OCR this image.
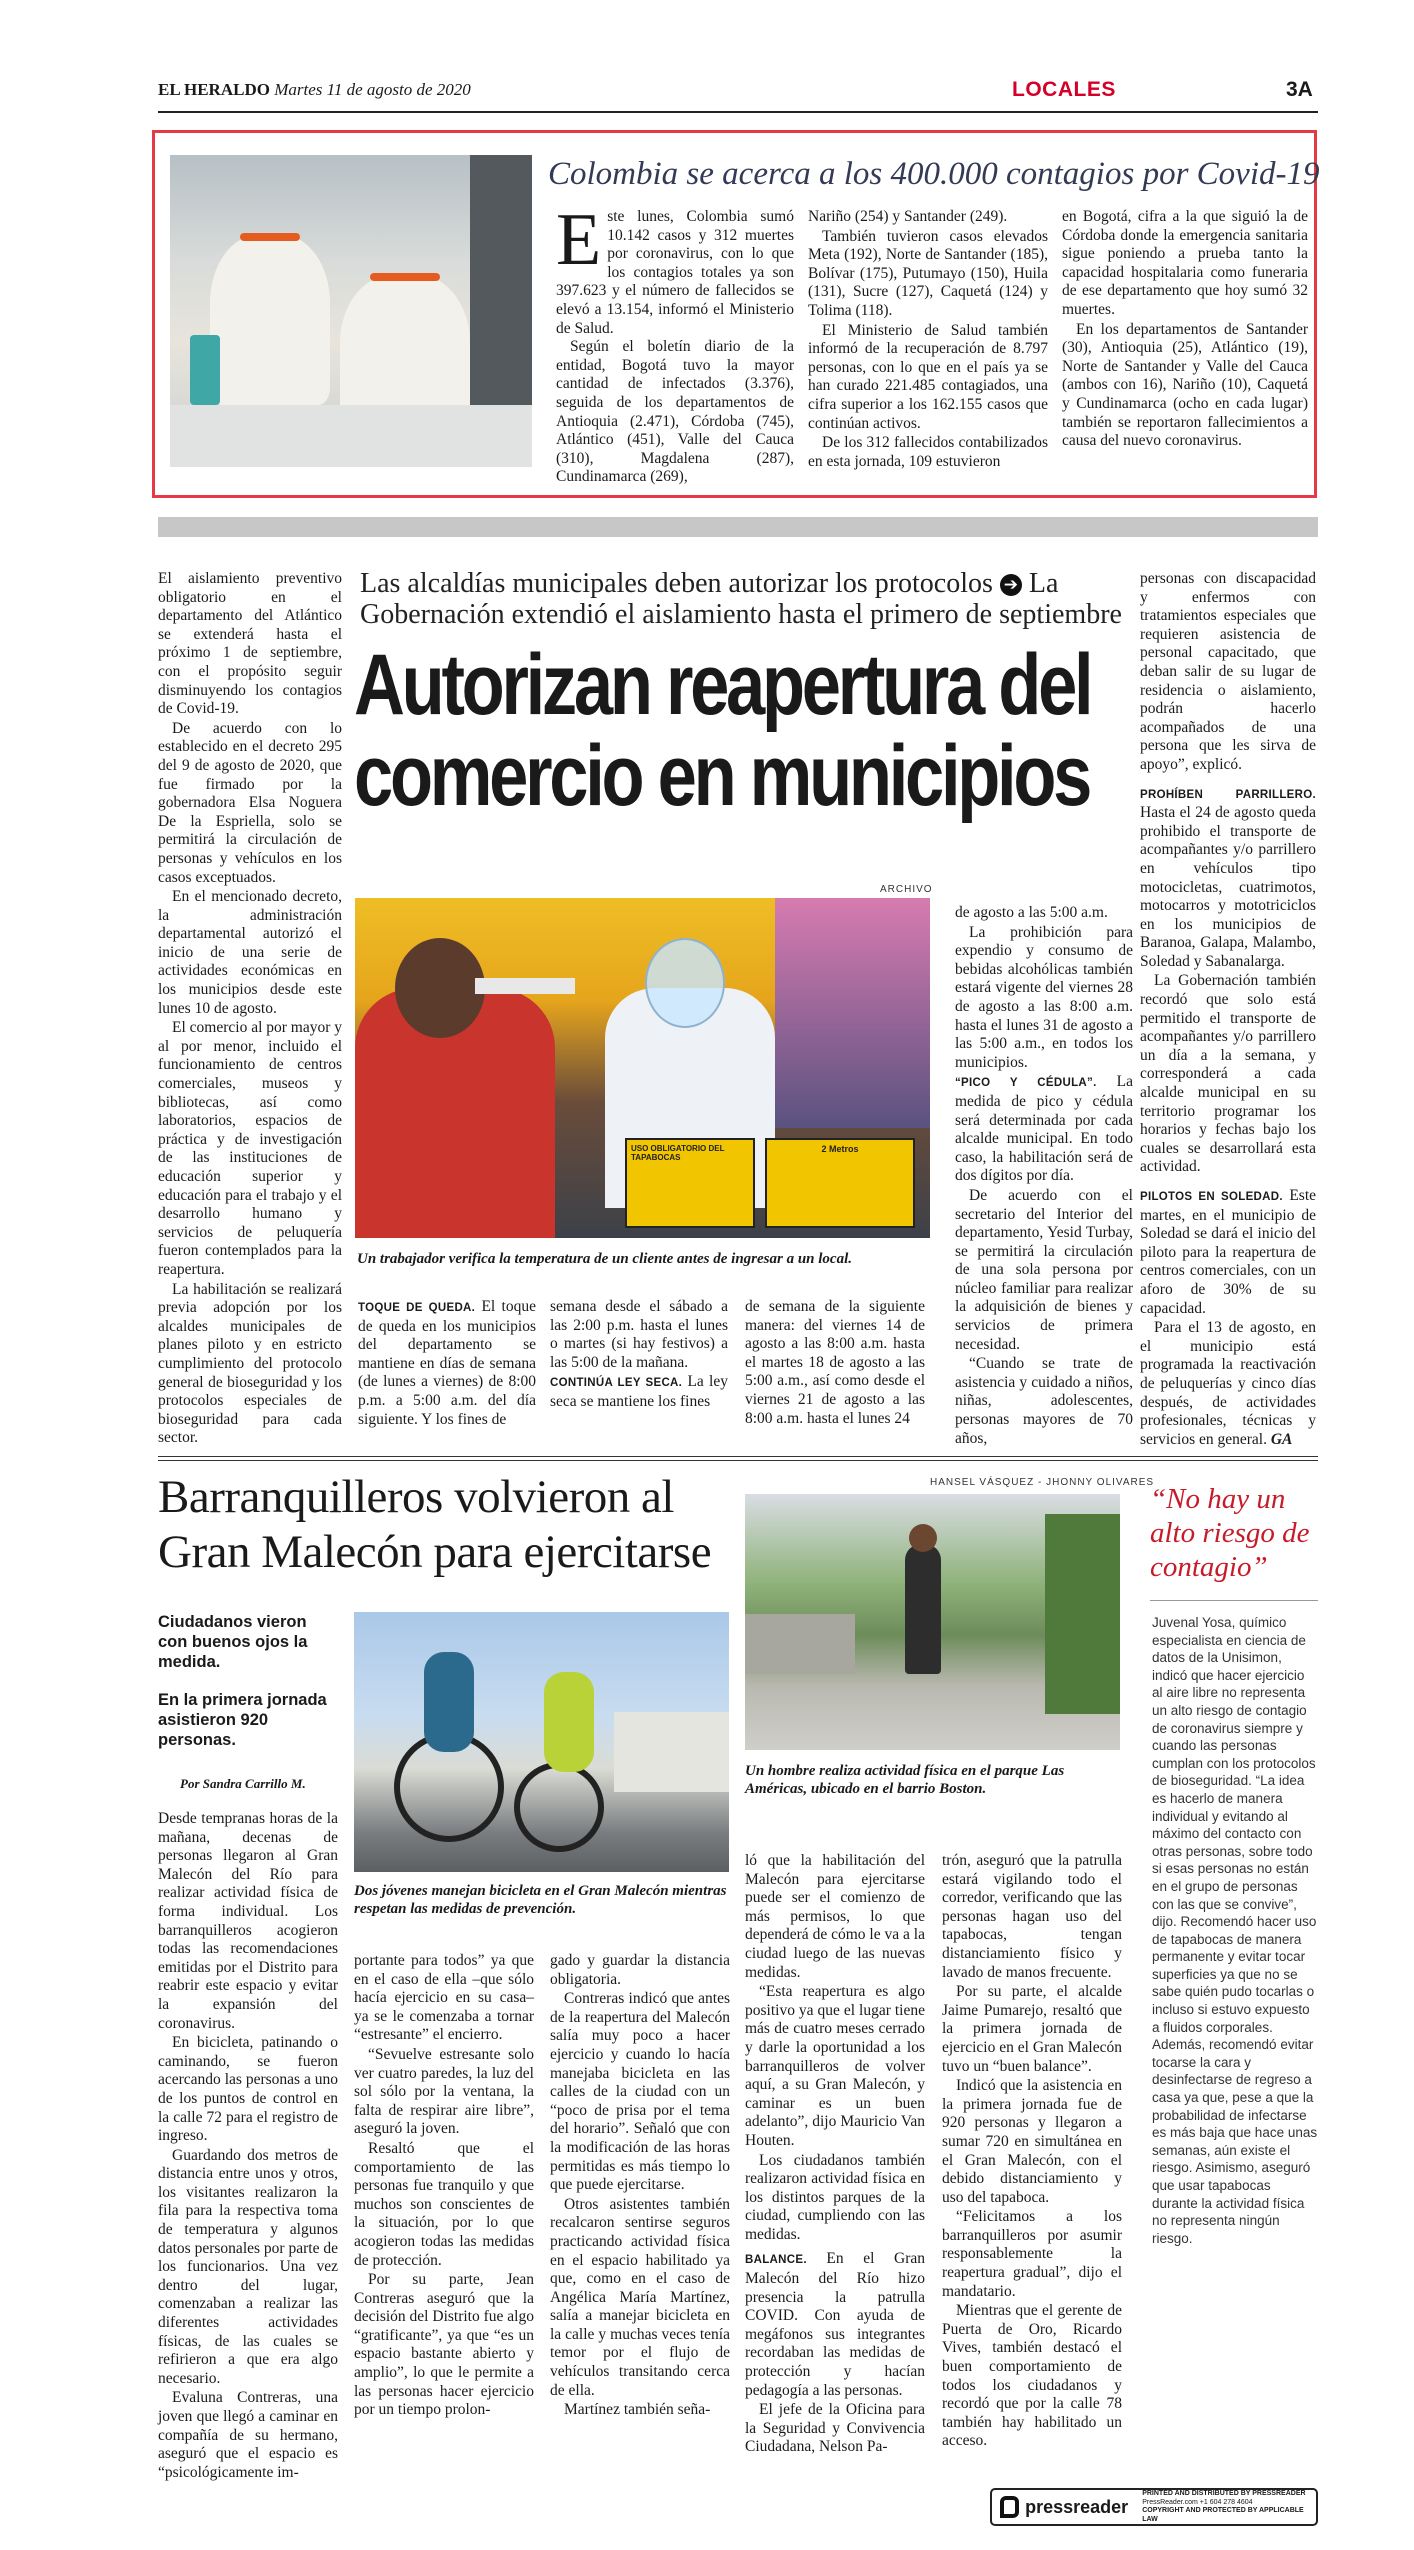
EL HERALDO Martes 11 de agosto de 2020	LOCALES	3A
Colombia se acerca a los 400.000 contagios por Covid-19
E ste lunes, Colombia sumó 10.142 casos y 312 muertes por coronavirus, con lo que los contagios totales ya son 397.623 y el número de fallecidos se elevó a 13.154, informó el Ministerio de Salud.

Según el boletín diario de la entidad, Bogotá tuvo la mayor cantidad de infectados (3.376), seguida de los departamentos de Antioquia (2.471), Córdoba (745), Atlántico (451), Valle del Cauca (310), Magdalena (287), Cundinamarca (269),

Nariño (254) y Santander (249).

También tuvieron casos elevados Meta (192), Norte de Santander (185), Bolívar (175), Putumayo (150), Huila (131), Sucre (127), Caquetá (124) y Tolima (118).

El Ministerio de Salud también informó de la recuperación de 8.797 personas, con lo que en el país ya se han curado 221.485 contagiados, una cifra superior a los 162.155 casos que continúan activos.

De los 312 fallecidos contabilizados en esta jornada, 109 estuvieron

en Bogotá, cifra a la que siguió la de Córdoba donde la emergencia sanitaria sigue poniendo a prueba tanto la capacidad hospitalaria como funeraria de ese departamento que hoy sumó 32 muertes.

En los departamentos de Santander (30), Antioquia (25), Atlántico (19), Norte de Santander y Valle del Cauca (ambos con 16), Nariño (10), Caquetá y Cundinamarca (ocho en cada lugar) también se reportaron fallecimientos a causa del nuevo coronavirus.

El aislamiento preventivo obligatorio en el departamento del Atlántico se extenderá hasta el próximo 1 de septiembre, con el propósito seguir disminuyendo los contagios de Covid-19.

De acuerdo con lo establecido en el decreto 295 del 9 de agosto de 2020, que fue firmado por la gobernadora Elsa Noguera De la Espriella, solo se permitirá la circulación de personas y vehículos en los casos exceptuados.

En el mencionado decreto, la administración departamental autorizó el inicio de una serie de actividades económicas en los municipios desde este lunes 10 de agosto.

El comercio al por mayor y al por menor, incluido el funcionamiento de centros comerciales, museos y bibliotecas, así como laboratorios, espacios de práctica y de investigación de las instituciones de educación superior y educación para el trabajo y el desarrollo humano y servicios de peluquería fueron contemplados para la reapertura.

La habilitación se realizará previa adopción por los alcaldes municipales de planes piloto y en estricto cumplimiento del protocolo general de bioseguridad y los protocolos especiales de bioseguridad para cada sector.

Las alcaldías municipales deben autorizar los protocolos ➔ La Gobernación extendió el aislamiento hasta el primero de septiembre
Autorizan reapertura del
comercio en municipios
ARCHIVO
USO OBLIGATORIO DEL TAPABOCAS
2 Metros
Un trabajador verifica la temperatura de un cliente antes de ingresar a un local.

TOQUE DE QUEDA. El toque de queda en los municipios del departamento se mantiene en días de semana (de lunes a viernes) de 8:00 p.m. a 5:00 a.m. del día siguiente. Y los fines de

semana desde el sábado a las 2:00 p.m. hasta el lunes o martes (si hay festivos) a las 5:00 de la mañana.

CONTINÚA LEY SECA. La ley seca se mantiene los fines

de semana de la siguiente manera: del viernes 14 de agosto a las 8:00 a.m. hasta el martes 18 de agosto a las 5:00 a.m., así como desde el viernes 21 de agosto a las 8:00 a.m. hasta el lunes 24

de agosto a las 5:00 a.m.

La prohibición para expendio y consumo de bebidas alcohólicas también estará vigente del viernes 28 de agosto a las 8:00 a.m. hasta el lunes 31 de agosto a las 5:00 a.m., en todos los municipios.

“PICO Y CÉDULA”. La medida de pico y cédula será determinada por cada alcalde municipal. En todo caso, la habilitación será de dos dígitos por día.

De acuerdo con el secretario del Interior del departamento, Yesid Turbay, se permitirá la circulación de una sola persona por núcleo familiar para realizar la adquisición de bienes y servicios de primera necesidad.

“Cuando se trate de asistencia y cuidado a niños, niñas, adolescentes, personas mayores de 70 años,

personas con discapacidad y enfermos con tratamientos especiales que requieren asistencia de personal capacitado, que deban salir de su lugar de residencia o aislamiento, podrán hacerlo acompañados de una persona que les sirva de apoyo”, explicó.

PROHÍBEN PARRILLERO. Hasta el 24 de agosto queda prohibido el transporte de acompañantes y/o parrillero en vehículos tipo motocicletas, cuatrimotos, motocarros y mototriciclos en los municipios de Baranoa, Galapa, Malambo, Soledad y Sabanalarga.

La Gobernación también recordó que solo está permitido el transporte de acompañantes y/o parrillero un día a la semana, y corresponderá a cada alcalde municipal en su territorio programar los horarios y fechas bajo los cuales se desarrollará esta actividad.

PILOTOS EN SOLEDAD. Este martes, en el municipio de Soledad se dará el inicio del piloto para la reapertura de centros comerciales, con un aforo de 30% de su capacidad.

Para el 13 de agosto, en el municipio está programada la reactivación de peluquerías y cinco días después, de actividades profesionales, técnicas y servicios en general. GA

Barranquilleros volvieron al Gran Malecón para ejercitarse
HANSEL VÁSQUEZ - JHONNY OLIVARES
Un hombre realiza actividad física en el parque Las Américas, ubicado en el barrio Boston.
Ciudadanos vieron con buenos ojos la medida.
En la primera jornada asistieron 920 personas.
Por Sandra Carrillo M.
Dos jóvenes manejan bicicleta en el Gran Malecón mientras respetan las medidas de prevención.

Desde tempranas horas de la mañana, decenas de personas llegaron al Gran Malecón del Río para realizar actividad física de forma individual. Los barranquilleros acogieron todas las recomendaciones emitidas por el Distrito para reabrir este espacio y evitar la expansión del coronavirus.

En bicicleta, patinando o caminando, se fueron acercando las personas a uno de los puntos de control en la calle 72 para el registro de ingreso.

Guardando dos metros de distancia entre unos y otros, los visitantes realizaron la fila para la respectiva toma de temperatura y algunos datos personales por parte de los funcionarios. Una vez dentro del lugar, comenzaban a realizar las diferentes actividades físicas, de las cuales se refirieron a que era algo necesario.

Evaluna Contreras, una joven que llegó a caminar en compañía de su hermano, aseguró que el espacio es “psicológicamente im-

portante para todos” ya que en el caso de ella –que sólo hacía ejercicio en su casa– ya se le comenzaba a tornar “estresante” el encierro.

“Sevuelve estresante solo ver cuatro paredes, la luz del sol sólo por la ventana, la falta de respirar aire libre”, aseguró la joven.

Resaltó que el comportamiento de las personas fue tranquilo y que muchos son conscientes de la situación, por lo que acogieron todas las medidas de protección.

Por su parte, Jean Contreras aseguró que la decisión del Distrito fue algo “gratificante”, ya que “es un espacio bastante abierto y amplio”, lo que le permite a las personas hacer ejercicio por un tiempo prolon-

gado y guardar la distancia obligatoria.

Contreras indicó que antes de la reapertura del Malecón salía muy poco a hacer ejercicio y cuando lo hacía manejaba bicicleta en las calles de la ciudad con un “poco de prisa por el tema del horario”. Señaló que con la modificación de las horas permitidas es más tiempo lo que puede ejercitarse.

Otros asistentes también recalcaron sentirse seguros practicando actividad física en el espacio habilitado ya que, como en el caso de Angélica María Martínez, salía a manejar bicicleta en la calle y muchas veces tenía temor por el flujo de vehículos transitando cerca de ella.

Martínez también seña-

ló que la habilitación del Malecón para ejercitarse puede ser el comienzo de más permisos, lo que dependerá de cómo le va a la ciudad luego de las nuevas medidas.

“Esta reapertura es algo positivo ya que el lugar tiene más de cuatro meses cerrado y darle la oportunidad a los barranquilleros de volver aquí, a su Gran Malecón, y caminar es un buen adelanto”, dijo Mauricio Van Houten.

Los ciudadanos también realizaron actividad física en los distintos parques de la ciudad, cumpliendo con las medidas.

BALANCE. En el Gran Malecón del Río hizo presencia la patrulla COVID. Con ayuda de megáfonos sus integrantes recordaban las medidas de protección y hacían pedagogía a las personas.

El jefe de la Oficina para la Seguridad y Convivencia Ciudadana, Nelson Pa-

trón, aseguró que la patrulla estará vigilando todo el corredor, verificando que las personas hagan uso del tapabocas, tengan distanciamiento físico y lavado de manos frecuente.

Por su parte, el alcalde Jaime Pumarejo, resaltó que la primera jornada de ejercicio en el Gran Malecón tuvo un “buen balance”.

Indicó que la asistencia en la primera jornada fue de 920 personas y llegaron a sumar 720 en simultánea en el Gran Malecón, con el debido distanciamiento y uso del tapaboca.

“Felicitamos a los barranquilleros por asumir responsablemente la reapertura gradual”, dijo el mandatario.

Mientras que el gerente de Puerta de Oro, Ricardo Vives, también destacó el buen comportamiento de todos los ciudadanos y recordó que por la calle 78 también hay habilitado un acceso.

“No hay un alto riesgo de contagio”
Juvenal Yosa, químico especialista en ciencia de datos de la Unisimon, indicó que hacer ejercicio al aire libre no representa un alto riesgo de contagio de coronavirus siempre y cuando las personas cumplan con los protocolos de bioseguridad. “La idea es hacerlo de manera individual y evitando al máximo del contacto con otras personas, sobre todo si esas personas no están en el grupo de personas con las que se convive”, dijo. Recomendó hacer uso de tapabocas de manera permanente y evitar tocar superficies ya que no se sabe quién pudo tocarlas o incluso si estuvo expuesto a fluidos corporales. Además, recomendó evitar tocarse la cara y desinfectarse de regreso a casa ya que, pese a que la probabilidad de infectarse es más baja que hace unas semanas, aún existe el riesgo. Asimismo, aseguró que usar tapabocas durante la actividad física no representa ningún riesgo.
pressreader
PRINTED AND DISTRIBUTED BY PRESSREADER
PressReader.com +1 604 278 4604
COPYRIGHT AND PROTECTED BY APPLICABLE LAW
